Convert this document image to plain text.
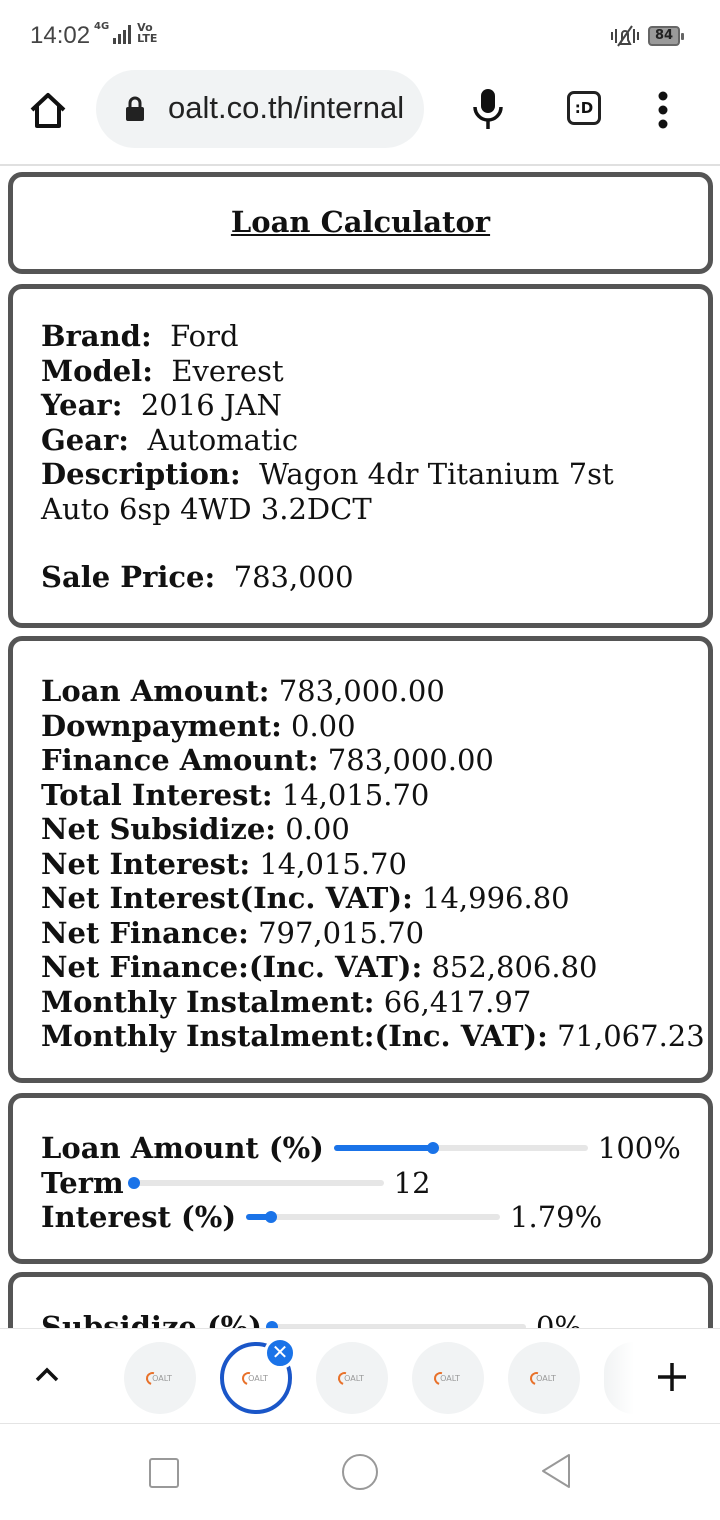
14:02 4G	Vo LTE	84
oalt.co.th/internal	:D
Loan Calculator
Brand: Ford
Model: Everest
Year: 2016 JAN
Gear: Automatic
Description: Wagon 4dr Titanium 7st Auto 6sp 4WD 3.2DCT
Sale Price: 783,000
Loan Amount: 783,000.00
Downpayment: 0.00
Finance Amount: 783,000.00
Total Interest: 14,015.70
Net Subsidize: 0.00
Net Interest: 14,015.70
Net Interest(Inc. VAT): 14,996.80
Net Finance: 797,015.70
Net Finance:(Inc. VAT): 852,806.80
Monthly Instalment: 66,417.97
Monthly Instalment:(Inc. VAT): 71,067.23
Loan Amount (%)	100%
Term	12
Interest (%)	1.79%
OALT	OALT
✕
OALT	OALT	OALT
